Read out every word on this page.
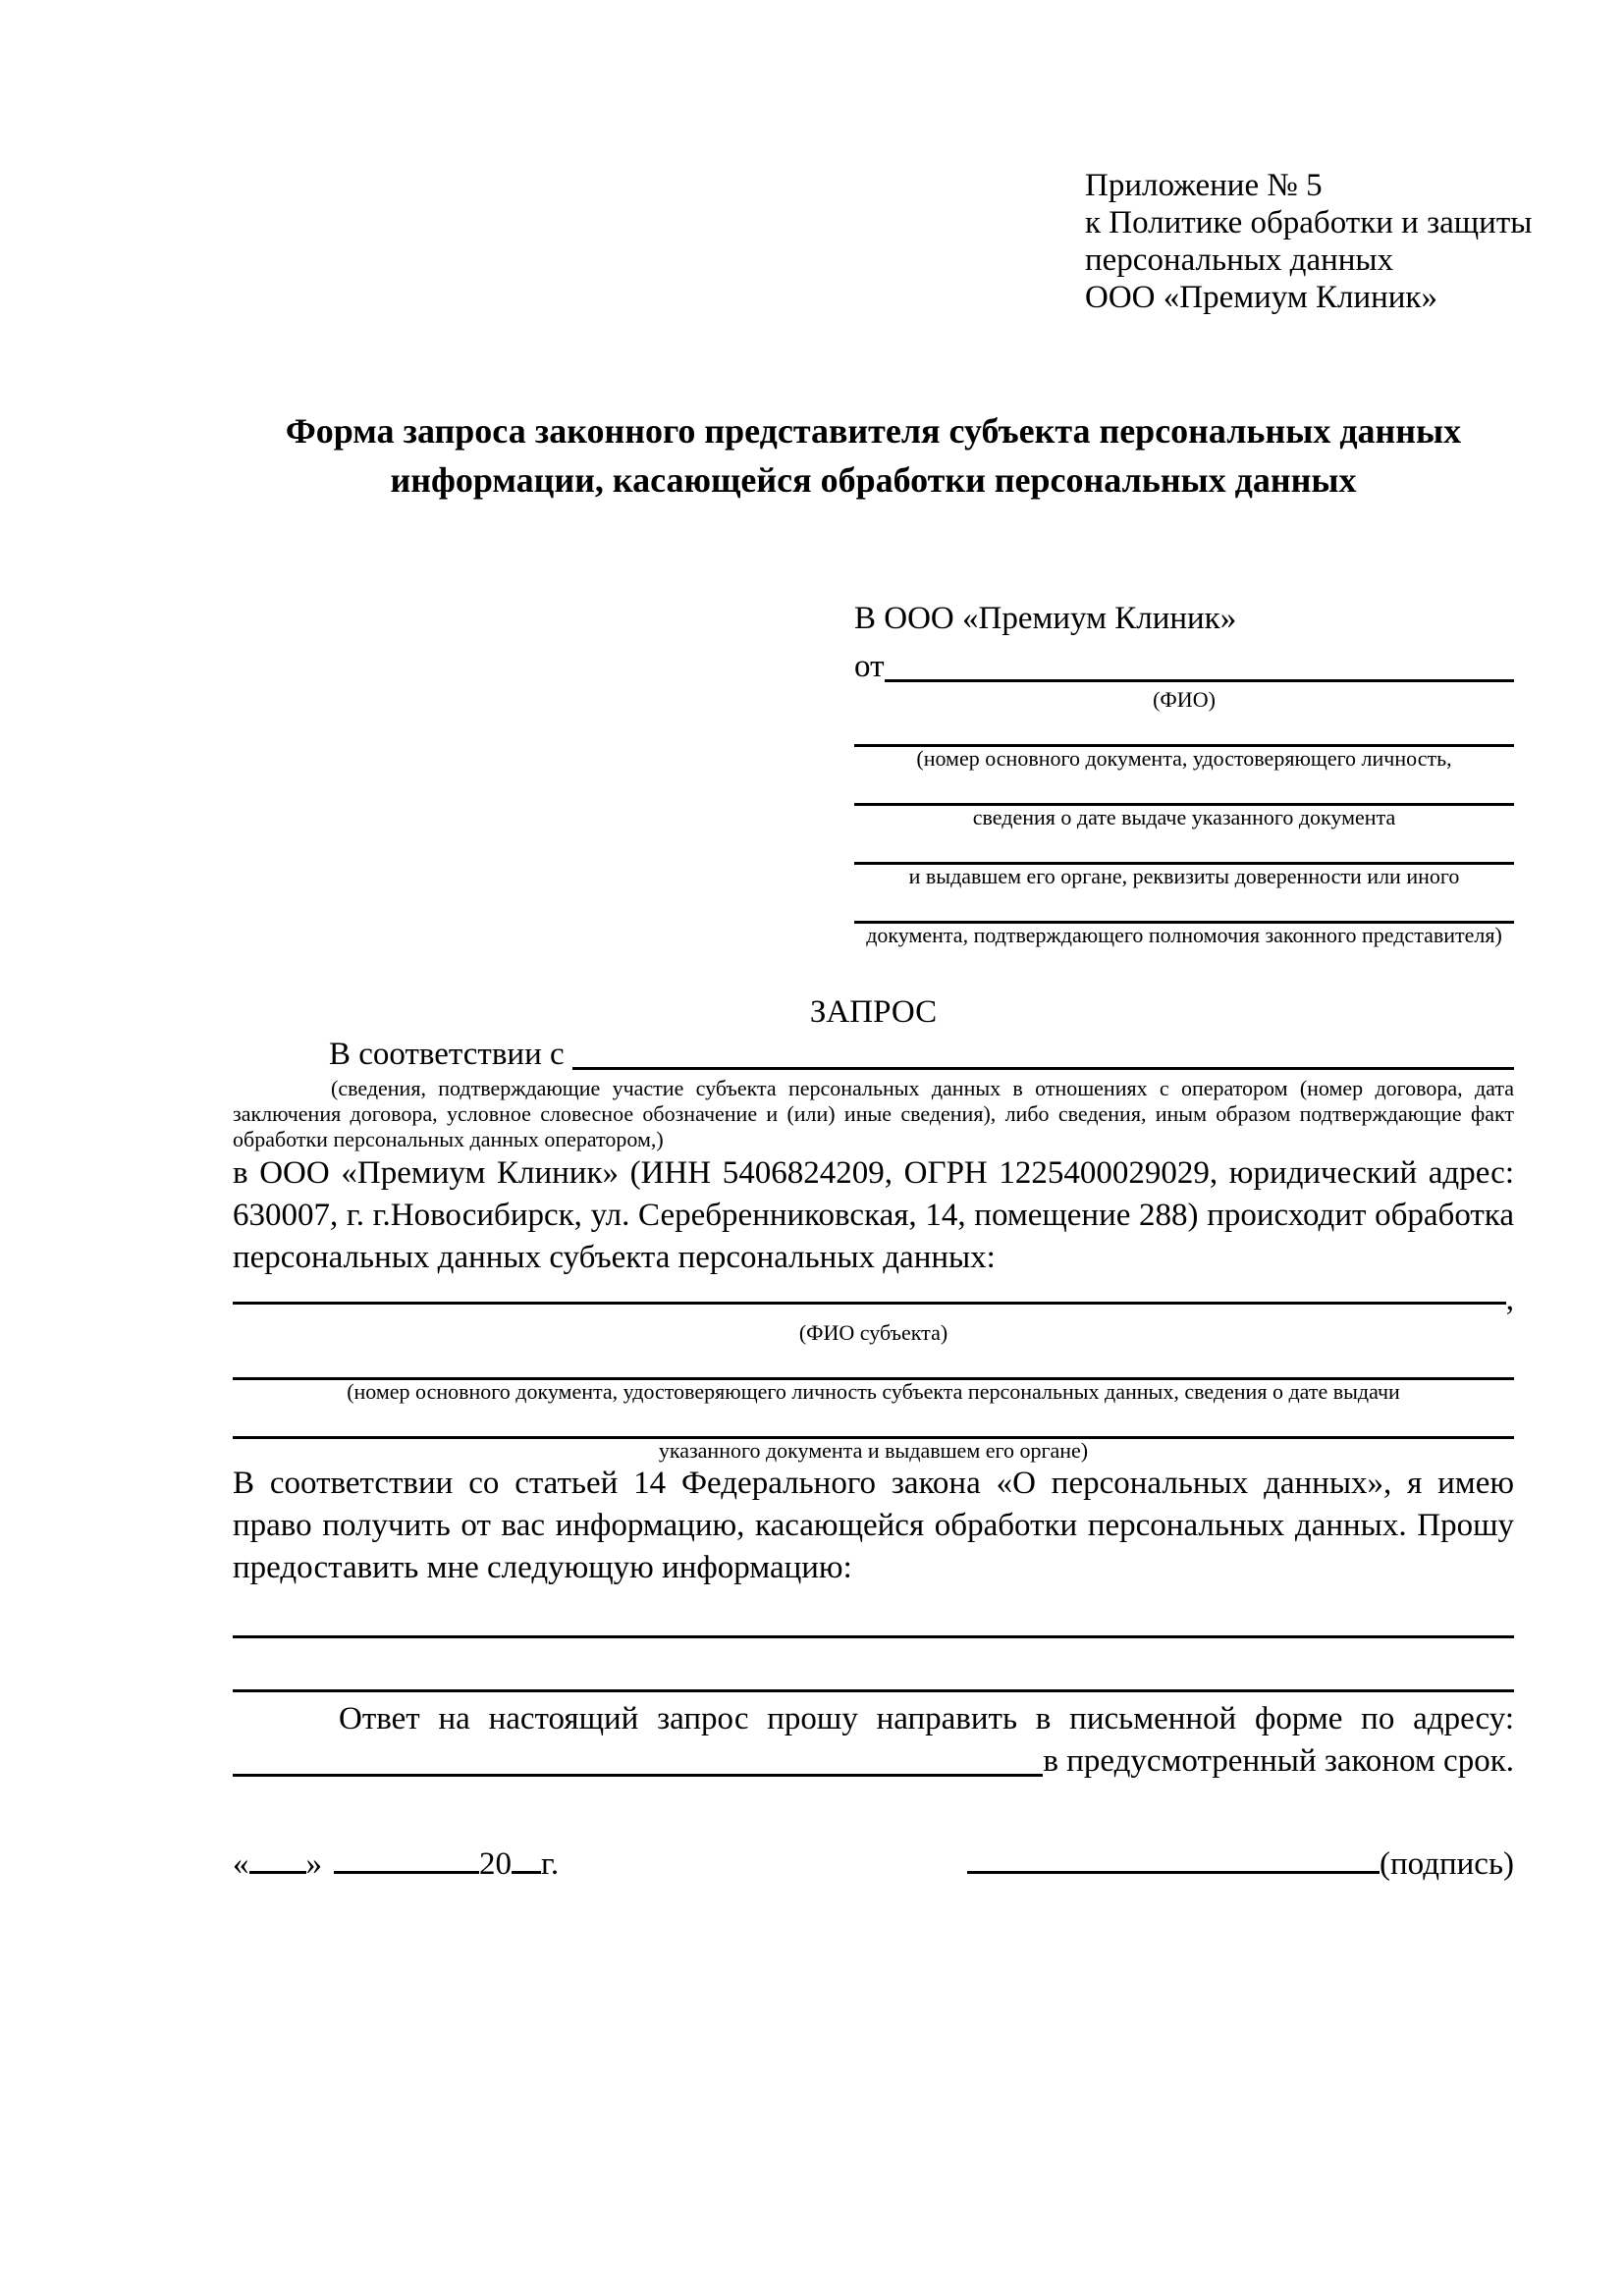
Приложение № 5
к Политике обработки и защиты
персональных данных
ООО «Премиум Клиник»
Форма запроса законного представителя субъекта персональных данных
информации, касающейся обработки персональных данных
В ООО «Премиум Клиник»
от
(ФИО)
(номер основного документа, удостоверяющего личность,
сведения о дате выдаче указанного документа
и выдавшем его органе, реквизиты доверенности или иного
документа, подтверждающего полномочия законного представителя)
ЗАПРОС
В соответствии с
(сведения, подтверждающие участие субъекта персональных данных в отношениях с оператором (номер договора, дата заключения договора, условное словесное обозначение и (или) иные сведения), либо сведения, иным образом подтверждающие факт обработки персональных данных оператором,)

в ООО «Премиум Клиник» (ИНН 5406824209, ОГРН 1225400029029, юридический адрес: 630007, г. г.Новосибирск, ул. Серебренниковская, 14, помещение 288) происходит обработка персональных данных субъекта персональных данных:

,
(ФИО субъекта)
(номер основного документа, удостоверяющего личность субъекта персональных данных, сведения о дате выдачи
указанного документа и выдавшем его органе)

В соответствии со статьей 14 Федерального закона «О персональных данных», я имею право получить от вас информацию, касающейся обработки персональных данных. Прошу предоставить мне следующую информацию:

Ответ на настоящий запрос прошу направить в письменной форме по адресу:

в предусмотренный законом срок.
« »	20 г.	(подпись)
